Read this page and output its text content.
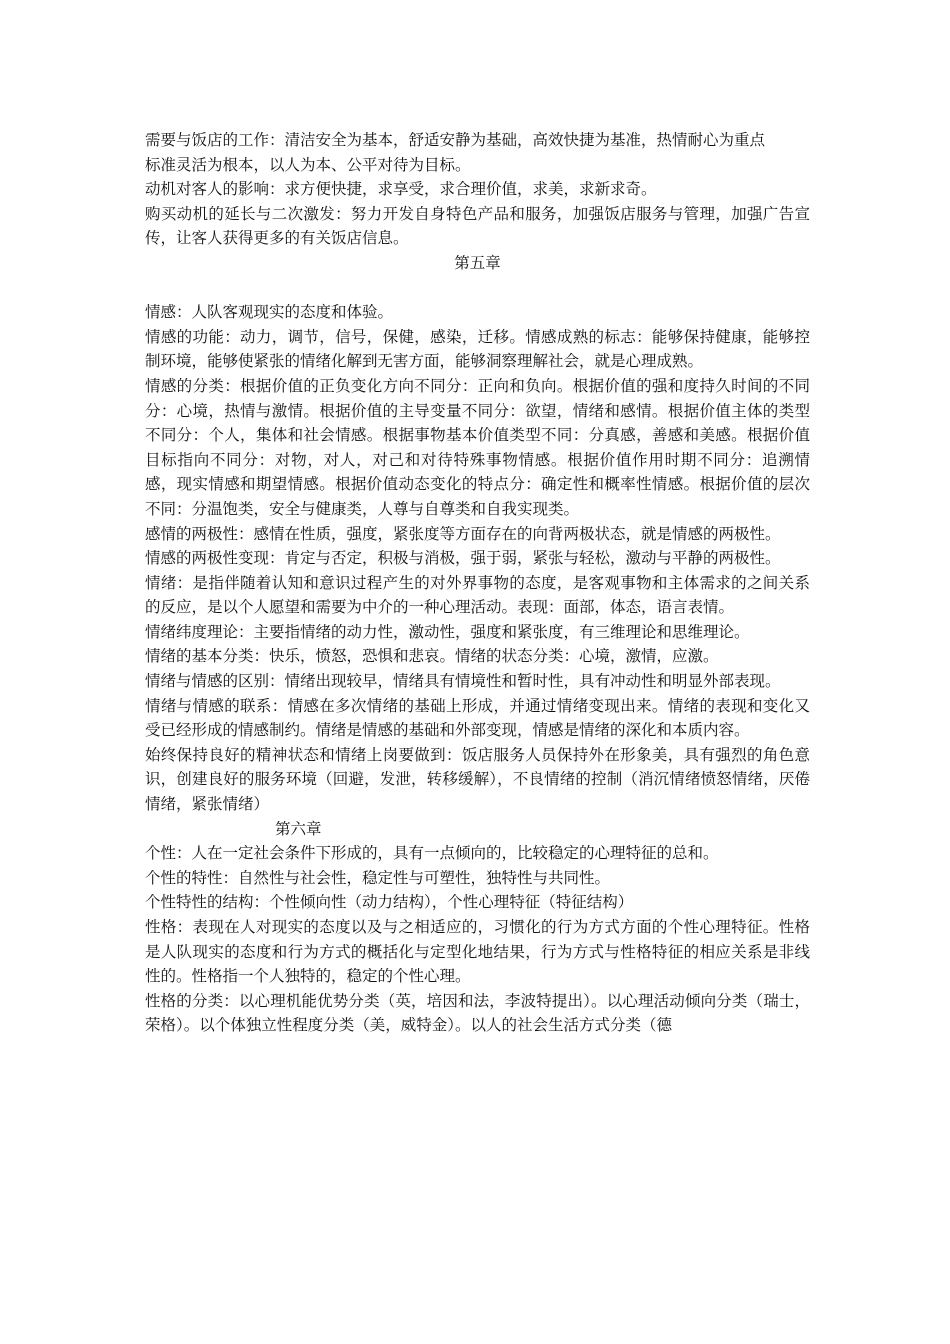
需要与饭店的工作：清洁安全为基本，舒适安静为基础，高效快捷为基准，热情耐心为重点

标准灵活为根本，以人为本、公平对待为目标。

动机对客人的影响：求方便快捷，求享受，求合理价值，求美，求新求奇。

购买动机的延长与二次激发：努力开发自身特色产品和服务，加强饭店服务与管理，加强广告宣传，让客人获得更多的有关饭店信息。

第五章

情感：人队客观现实的态度和体验。

情感的功能：动力，调节，信号，保健，感染，迁移。情感成熟的标志：能够保持健康，能够控制环境，能够使紧张的情绪化解到无害方面，能够洞察理解社会，就是心理成熟。

情感的分类：根据价值的正负变化方向不同分：正向和负向。根据价值的强和度持久时间的不同分：心境，热情与激情。根据价值的主导变量不同分：欲望，情绪和感情。根据价值主体的类型不同分：个人，集体和社会情感。根据事物基本价值类型不同：分真感，善感和美感。根据价值目标指向不同分：对物，对人，对己和对待特殊事物情感。根据价值作用时期不同分：追溯情感，现实情感和期望情感。根据价值动态变化的特点分：确定性和概率性情感。根据价值的层次不同：分温饱类，安全与健康类，人尊与自尊类和自我实现类。

感情的两极性：感情在性质，强度，紧张度等方面存在的向背两极状态，就是情感的两极性。

情感的两极性变现：肯定与否定，积极与消极，强于弱，紧张与轻松，激动与平静的两极性。

情绪：是指伴随着认知和意识过程产生的对外界事物的态度，是客观事物和主体需求的之间关系的反应，是以个人愿望和需要为中介的一种心理活动。表现：面部，体态，语言表情。

情绪纬度理论：主要指情绪的动力性，激动性，强度和紧张度，有三维理论和思维理论。

情绪的基本分类：快乐，愤怒，恐惧和悲哀。情绪的状态分类：心境，激情，应激。

情绪与情感的区别：情绪出现较早，情绪具有情境性和暂时性，具有冲动性和明显外部表现。

情绪与情感的联系：情感在多次情绪的基础上形成，并通过情绪变现出来。情绪的表现和变化又受已经形成的情感制约。情绪是情感的基础和外部变现，情感是情绪的深化和本质内容。

始终保持良好的精神状态和情绪上岗要做到：饭店服务人员保持外在形象美，具有强烈的角色意识，创建良好的服务环境（回避，发泄，转移缓解），不良情绪的控制（消沉情绪愤怒情绪，厌倦情绪，紧张情绪）

第六章

个性：人在一定社会条件下形成的，具有一点倾向的，比较稳定的心理特征的总和。

个性的特性：自然性与社会性，稳定性与可塑性，独特性与共同性。

个性特性的结构：个性倾向性（动力结构），个性心理特征（特征结构）

性格：表现在人对现实的态度以及与之相适应的，习惯化的行为方式方面的个性心理特征。性格是人队现实的态度和行为方式的概括化与定型化地结果，行为方式与性格特征的相应关系是非线性的。性格指一个人独特的，稳定的个性心理。

性格的分类：以心理机能优势分类（英，培因和法，李波特提出）。以心理活动倾向分类（瑞士，荣格）。以个体独立性程度分类（美，威特金）。以人的社会生活方式分类（德
